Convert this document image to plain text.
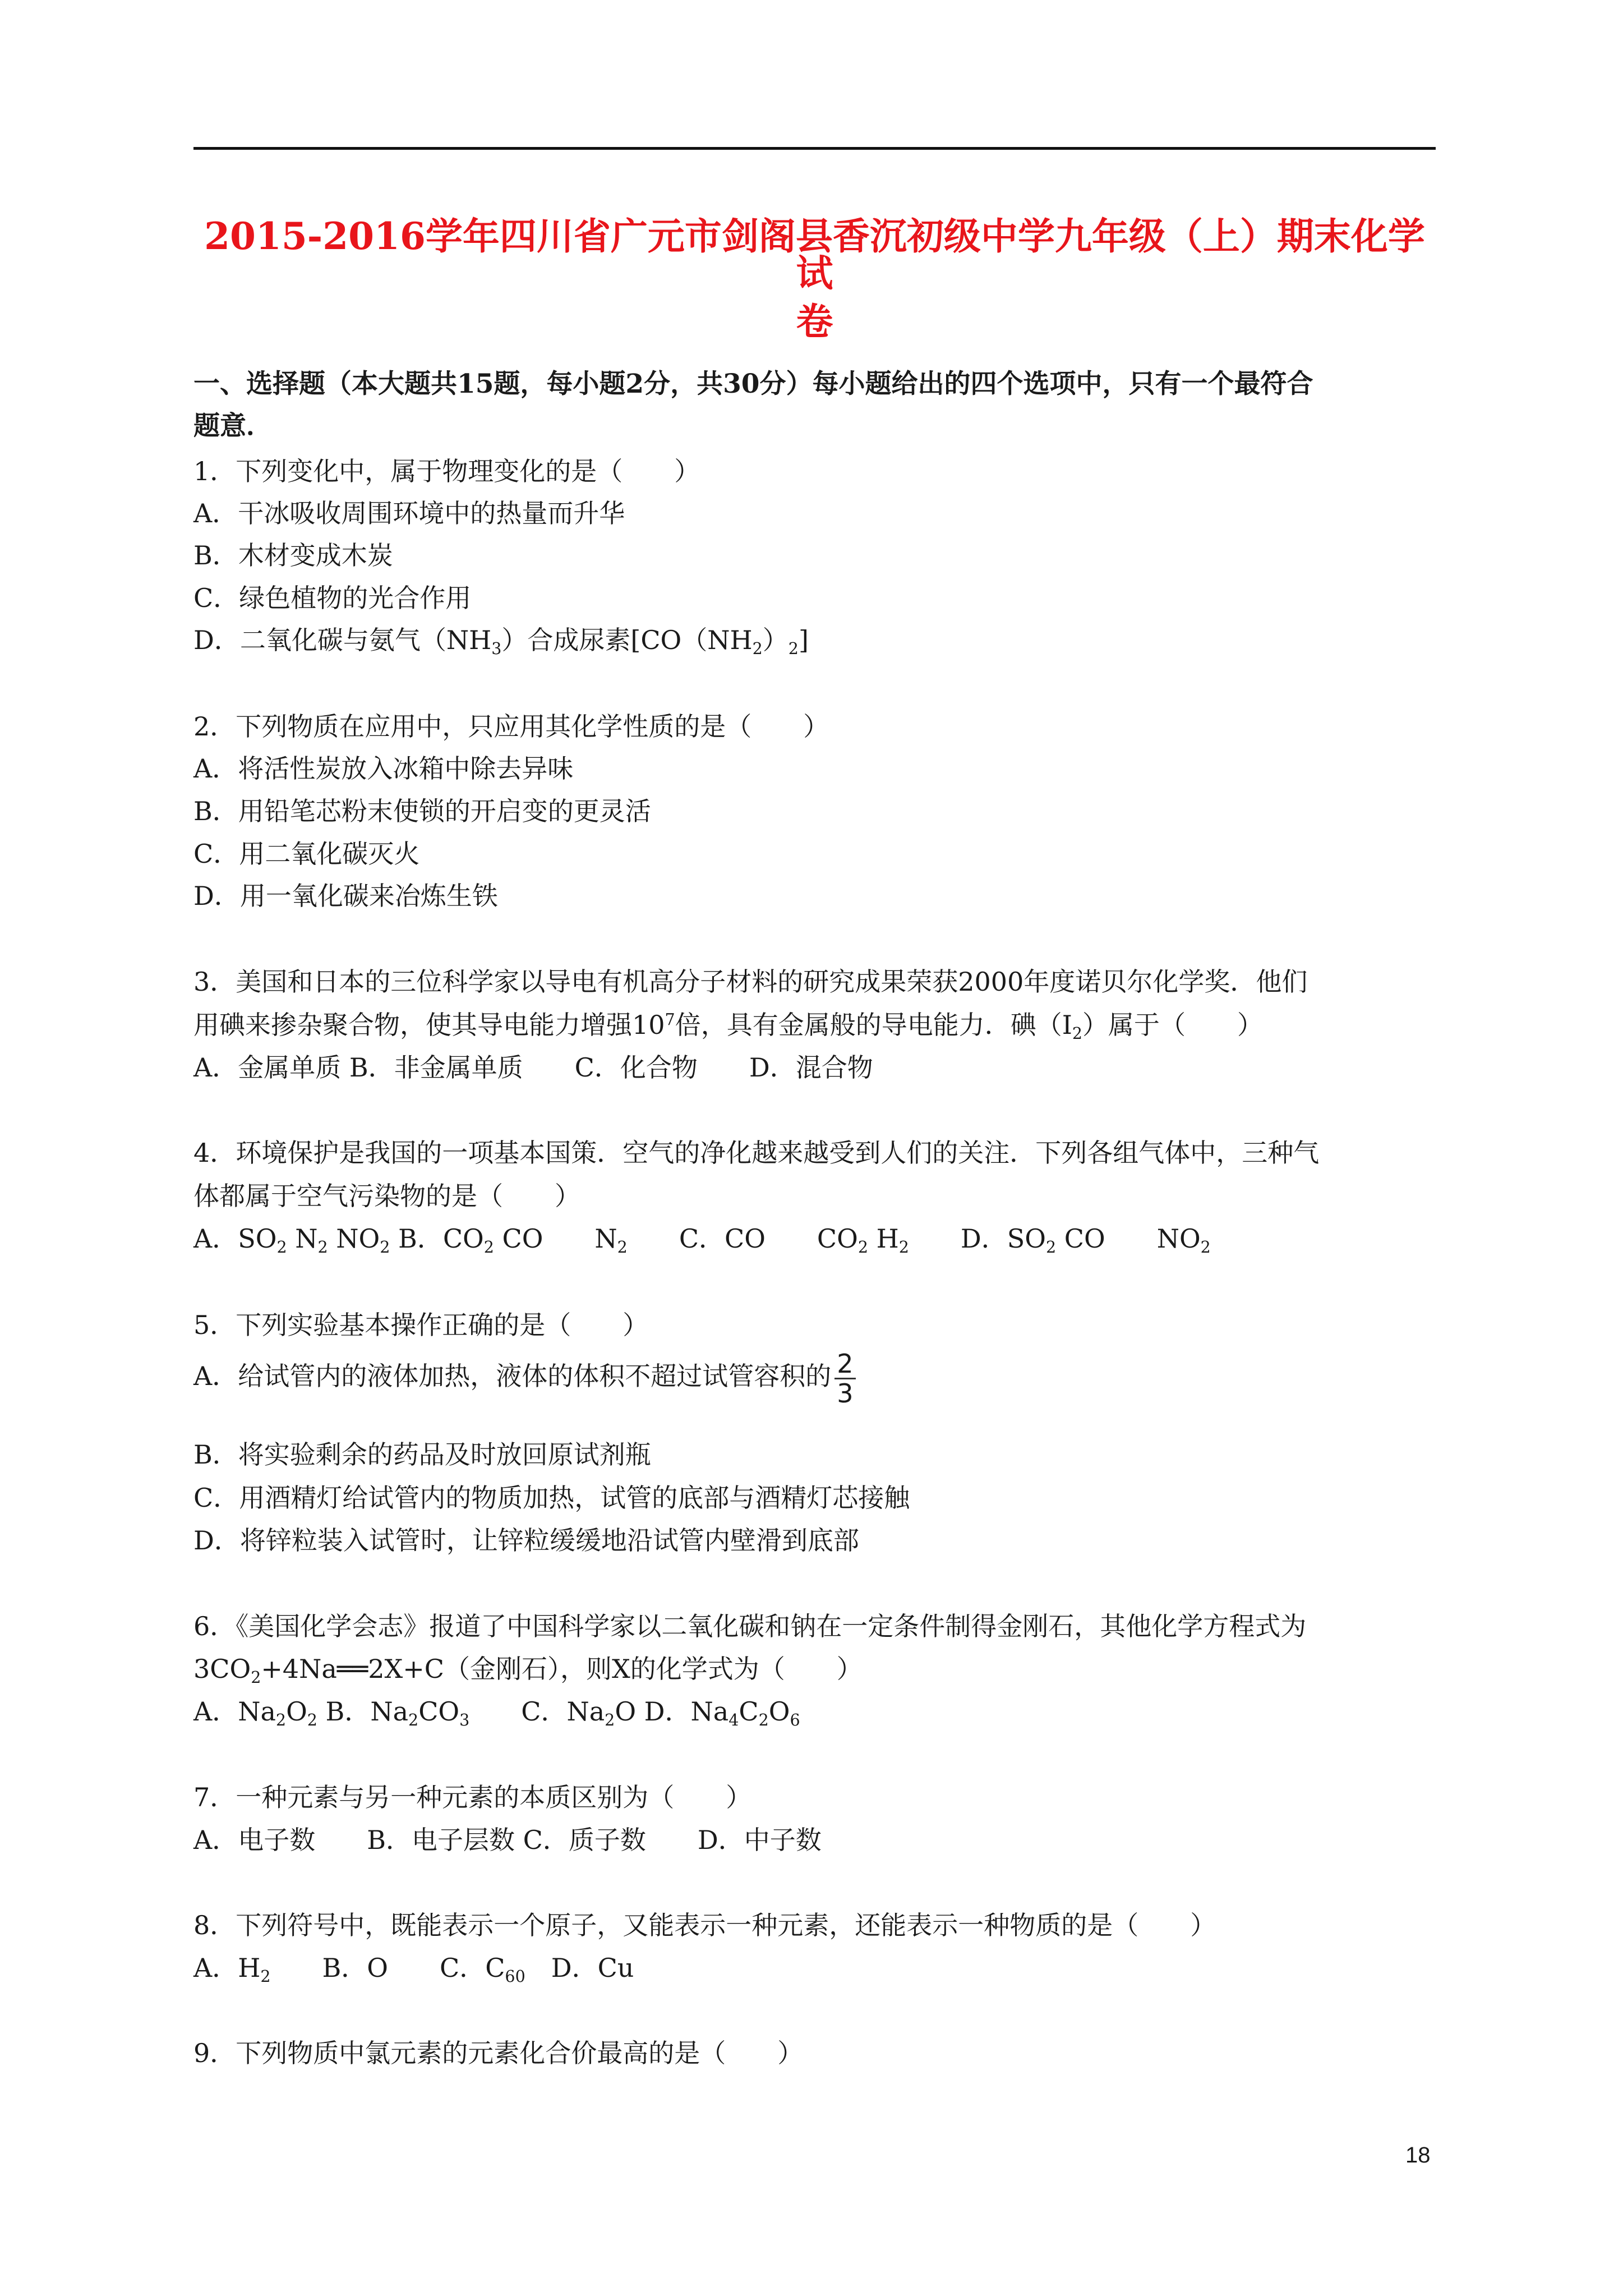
2015-2016学年四川省广元市剑阁县香沉初级中学九年级（上）期末化学试
卷
一、选择题（本大题共15题，每小题2分，共30分）每小题给出的四个选项中，只有一个最符合
题意．
1．下列变化中，属于物理变化的是（　　）
A．干冰吸收周围环境中的热量而升华
B．木材变成木炭
C．绿色植物的光合作用
D．二氧化碳与氨气$(NH_3)$合成尿素$[CO(NH_2)_2]$
2．下列物质在应用中，只应用其化学性质的是（　　）
A．将活性炭放入冰箱中除去异味
B．用铅笔芯粉末使锁的开启变的更灵活
C．用二氧化碳灭火
D．用一氧化碳来冶炼生铁
3．美国和日本的三位科学家以导电有机高分子材料的研究成果荣获2000年度诺贝尔化学奖．他们
用碘来掺杂聚合物，使其导电能力增强$10^7$倍，具有金属般的导电能力．碘$(I_2)$属于（　　）
A．金属单质 B．非金属单质　　C．化合物　　D．混合物
4．环境保护是我国的一项基本国策．空气的净化越来越受到人们的关注．下列各组气体中，三种气
体都属于空气污染物的是（　　）
A．$SO_2$ $N_2$ $NO_2$ B．$CO_2$ CO　　$N_2$　　C．CO　　$CO_2$ $H_2$　　D．$SO_2$ CO　　$NO_2$
5．下列实验基本操作正确的是（　　）
A．给试管内的液体加热，液体的体积不超过试管容积的 $\frac{2}{3}$
B．将实验剩余的药品及时放回原试剂瓶
C．用酒精灯给试管内的物质加热，试管的底部与酒精灯芯接触
D．将锌粒装入试管时，让锌粒缓缓地沿试管内壁滑到底部
6．《美国化学会志》报道了中国科学家以二氧化碳和钠在一定条件制得金刚石，其他化学方程式为
$3CO_2+4Na══2X+C$（金刚石），则X的化学式为（　　）
A．$Na_2O_2$ B．$Na_2CO_3$　　C．$Na_2O$ D．$Na_4C_2O_6$
7．一种元素与另一种元素的本质区别为（　　）
A．电子数　　B．电子层数 C．质子数　　D．中子数
8．下列符号中，既能表示一个原子，又能表示一种元素，还能表示一种物质的是（　　）
A．$H_2$　　B．O　　C．$C_{60}$　D．Cu
9．下列物质中氯元素的元素化合价最高的是（　　）
18
